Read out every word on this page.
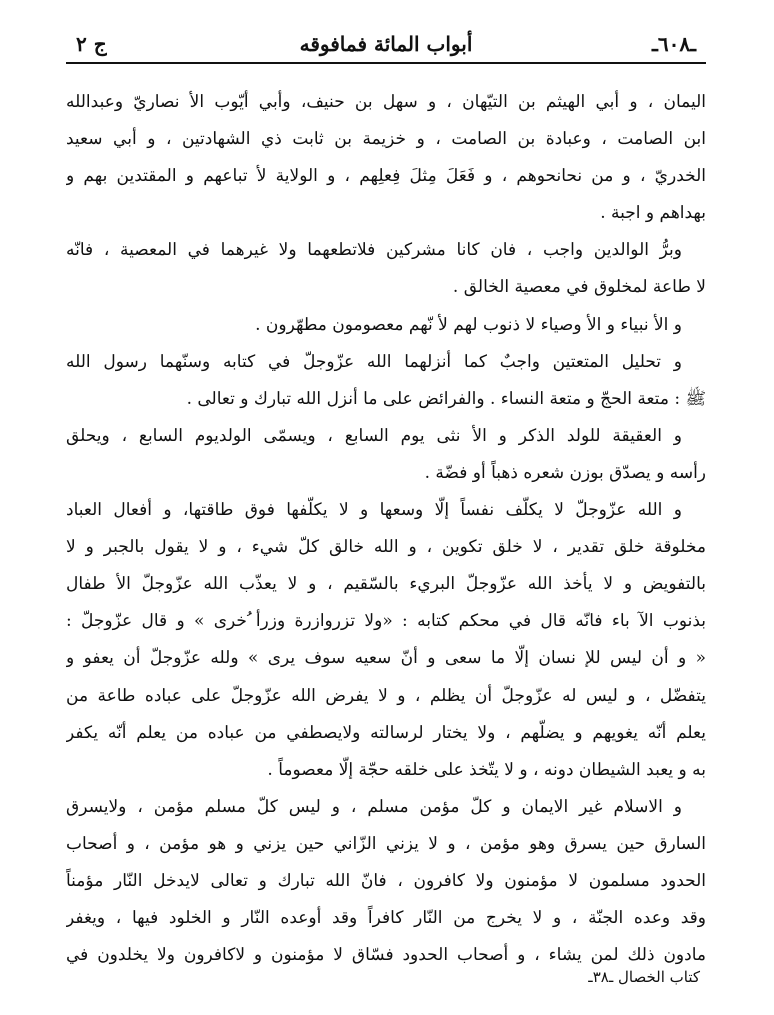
ـ٦٠٨ـ
أبواب المائة فمافوقه
ج ٢
اليمان ، و أبي الهيثم بن التيّهان ، و سهل بن حنيف، وأبي أيّوب الأ نصاريّ وعبدالله
ابن الصامت ، وعبادة بن الصامت ، و خزيمة بن ثابت ذي الشهادتين ، و أبي سعيد
الخدريّ ، و من نحانحوهم ، و فَعَلَ مِثلَ فِعلِهم ، و الولاية لأ تباعهم و المقتدين بهم و
بهداهم و اجبة .
وبرُّ الوالدين واجب ، فان كانا مشركين فلاتطعهما ولا غيرهما في المعصية ، فانّه
لا طاعة لمخلوق في معصية الخالق .
و الأ نبياء و الأ وصياء لا ذنوب لهم لأ نّهم معصومون مطهّرون .
و تحليل المتعتين واجبٌ كما أنزلهما الله عزّوجلّ في كتابه وسنّهما رسول الله
ﷺ : متعة الحجّ و متعة النساء . والفرائض على ما أنزل الله تبارك و تعالى .
و العقيقة للولد الذكر و الأ نثى يوم السابع ، ويسمّى الولديوم السابع ، ويحلق
رأسه و يصدّق بوزن شعره ذهباً أو فضّة .
و الله عزّوجلّ لا يكلّف نفساً إلّا وسعها و لا يكلّفها فوق طاقتها، و أفعال العباد
مخلوقة خلق تقدير ، لا خلق تكوين ، و الله خالق كلّ شيء ، و لا يقول بالجبر و لا
بالتفويض و لا يأخذ الله عزّوجلّ البريء بالسّقيم ، و لا يعذّب الله عزّوجلّ الأ طفال
بذنوب الآ باء فانّه قال في محكم كتابه : «ولا تزروازرة وزرأ ُخرى » و قال عزّوجلّ :
« و أن ليس للإ نسان إلّا ما سعى و أنّ سعيه سوف يرى » ولله عزّوجلّ أن يعفو و
يتفضّل ، و ليس له عزّوجلّ أن يظلم ، و لا يفرض الله عزّوجلّ على عباده طاعة من
يعلم أنّه يغويهم و يضلّهم ، ولا يختار لرسالته ولايصطفي من عباده من يعلم أنّه يكفر
به و يعبد الشيطان دونه ، و لا يتّخذ على خلقه حجّة إلّا معصوماً .
و الاسلام غير الايمان و كلّ مؤمن مسلم ، و ليس كلّ مسلم مؤمن ، ولايسرق
السارق حين يسرق وهو مؤمن ، و لا يزني الزّاني حين يزني و هو مؤمن ، و أصحاب
الحدود مسلمون لا مؤمنون ولا كافرون ، فانّ الله تبارك و تعالى لايدخل النّار مؤمناً
وقد وعده الجنّة ، و لا يخرج من النّار كافراً وقد أوعده النّار و الخلود فيها ، ويغفر
مادون ذلك لمن يشاء ، و أصحاب الحدود فسّاق لا مؤمنون و لاكافرون ولا يخلدون في
كتاب الخصال ـ٣٨ـ
